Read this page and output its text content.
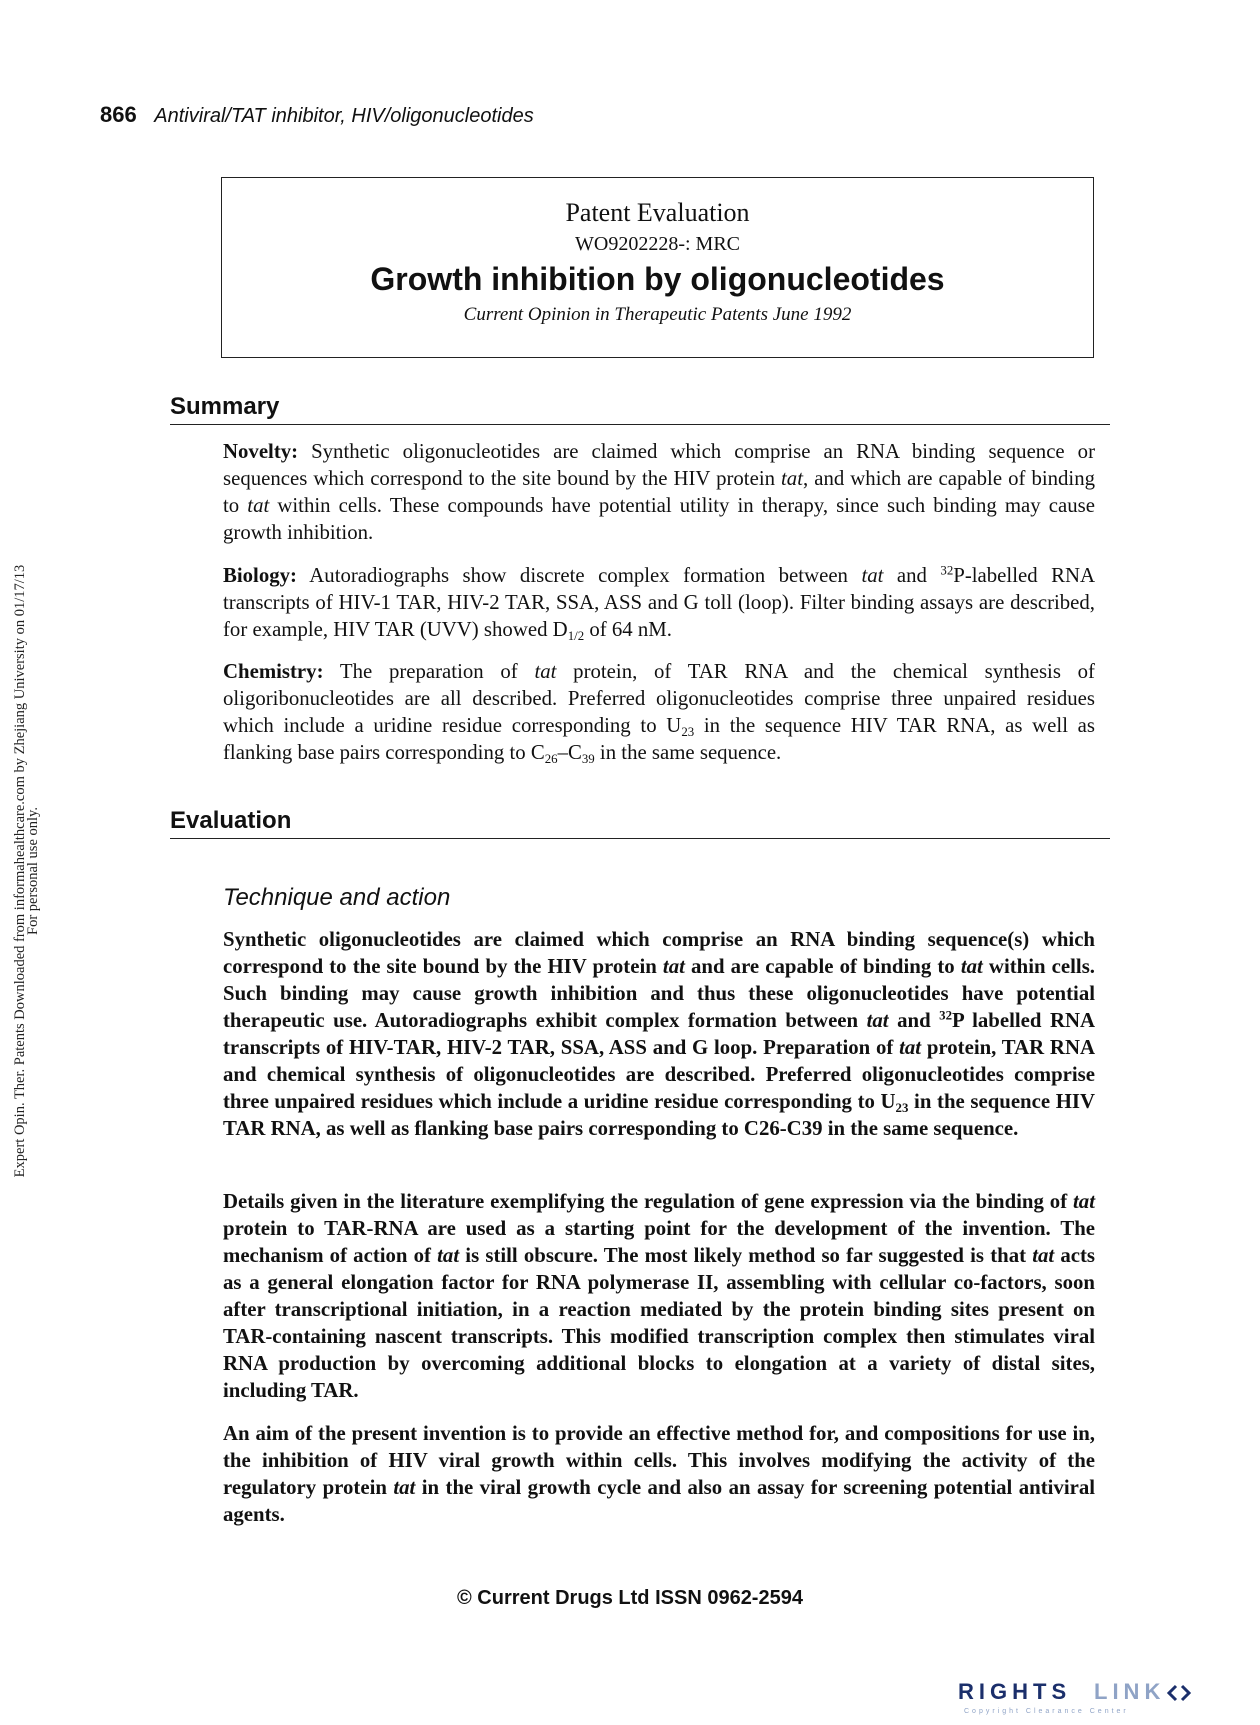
Expert Opin. Ther. Patents Downloaded from informahealthcare.com by Zhejiang University on 01/17/13
For personal use only.
866 Antiviral/TAT inhibitor, HIV/oligonucleotides
Patent Evaluation
WO9202228-: MRC
Growth inhibition by oligonucleotides
Current Opinion in Therapeutic Patents June 1992
Summary
Novelty: Synthetic oligonucleotides are claimed which comprise an RNA binding sequence or sequences which correspond to the site bound by the HIV protein tat, and which are capable of binding to tat within cells. These compounds have potential utility in therapy, since such binding may cause growth inhibition.
Biology: Autoradiographs show discrete complex formation between tat and $^{32}$P-labelled RNA transcripts of HIV-1 TAR, HIV-2 TAR, SSA, ASS and G toll (loop). Filter binding assays are described, for example, HIV TAR (UVV) showed $D_{1/2}$ of 64 nM.
Chemistry: The preparation of tat protein, of TAR RNA and the chemical synthesis of oligoribonucleotides are all described. Preferred oligonucleotides comprise three unpaired residues which include a uridine residue corresponding to $U_{23}$ in the sequence HIV TAR RNA, as well as flanking base pairs corresponding to $C_{26}-C_{39}$ in the same sequence.
Evaluation
Technique and action
Synthetic oligonucleotides are claimed which comprise an RNA binding sequence(s) which correspond to the site bound by the HIV protein tat and are capable of binding to tat within cells. Such binding may cause growth inhibition and thus these oligonucleotides have potential therapeutic use. Autoradiographs exhibit complex formation between tat and $^{32}$P labelled RNA transcripts of HIV-TAR, HIV-2 TAR, SSA, ASS and G loop. Preparation of tat protein, TAR RNA and chemical synthesis of oligonucleotides are described. Preferred oligonucleotides comprise three unpaired residues which include a uridine residue corresponding to $U_{23}$ in the sequence HIV TAR RNA, as well as flanking base pairs corresponding to C26-C39 in the same sequence.
Details given in the literature exemplifying the regulation of gene expression via the binding of tat protein to TAR-RNA are used as a starting point for the development of the invention. The mechanism of action of tat is still obscure. The most likely method so far suggested is that tat acts as a general elongation factor for RNA polymerase II, assembling with cellular co-factors, soon after transcriptional initiation, in a reaction mediated by the protein binding sites present on TAR-containing nascent transcripts. This modified transcription complex then stimulates viral RNA production by overcoming additional blocks to elongation at a variety of distal sites, including TAR.
An aim of the present invention is to provide an effective method for, and compositions for use in, the inhibition of HIV viral growth within cells. This involves modifying the activity of the regulatory protein tat in the viral growth cycle and also an assay for screening potential antiviral agents.
© Current Drugs Ltd ISSN 0962-2594
RIGHTS LINK
Copyright Clearance Center
